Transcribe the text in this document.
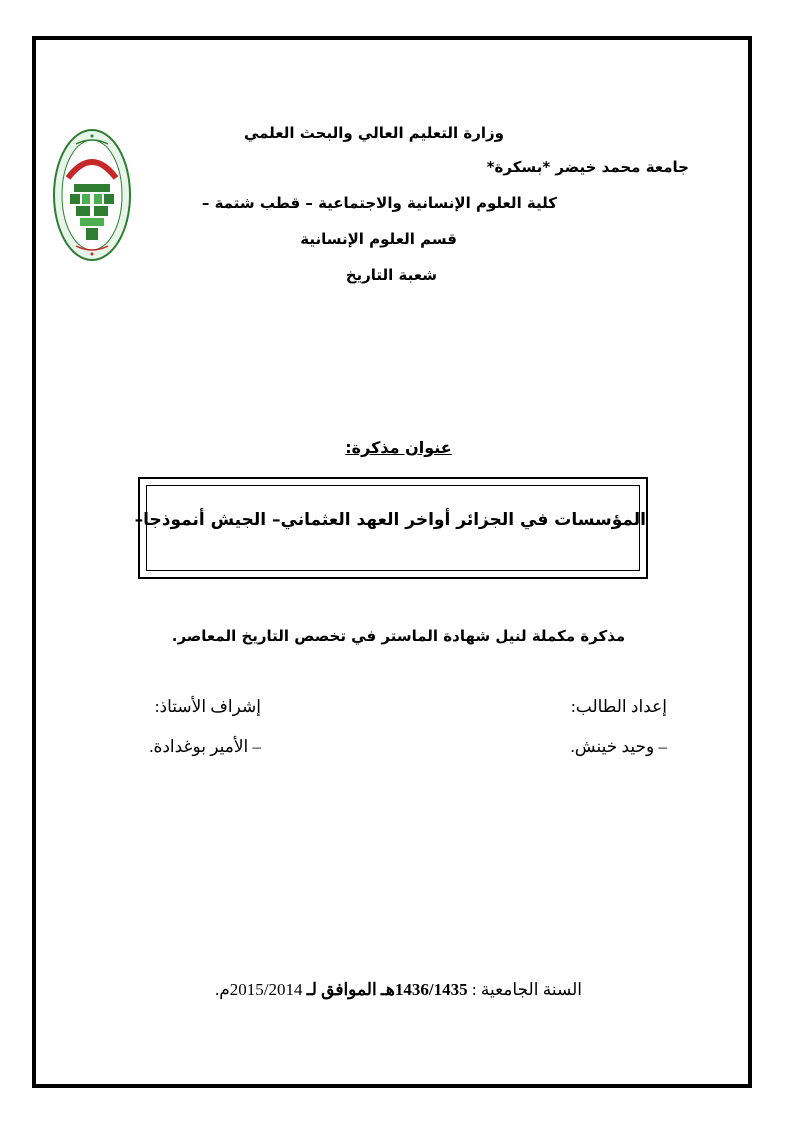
وزارة التعليم العالي والبحث العلمي
جامعة محمد خيضر *بسكرة*
كلية العلوم الإنسانية والاجتماعية – قطب شتمة –
قسم العلوم الإنسانية
شعبة التاريخ
عنوان مذكرة:
المؤسسات في الجزائر أواخر العهد العثماني– الجيش أنموذجا–
مذكرة مكملة لنيل شهادة الماستر في تخصص التاريخ المعاصر.
إعداد الطالب:
– وحيد خينش.
إشراف الأستاذ:
– الأمير بوغدادة.
السنة الجامعية : 1436/1435هـ الموافق لـ 2015/2014م.
